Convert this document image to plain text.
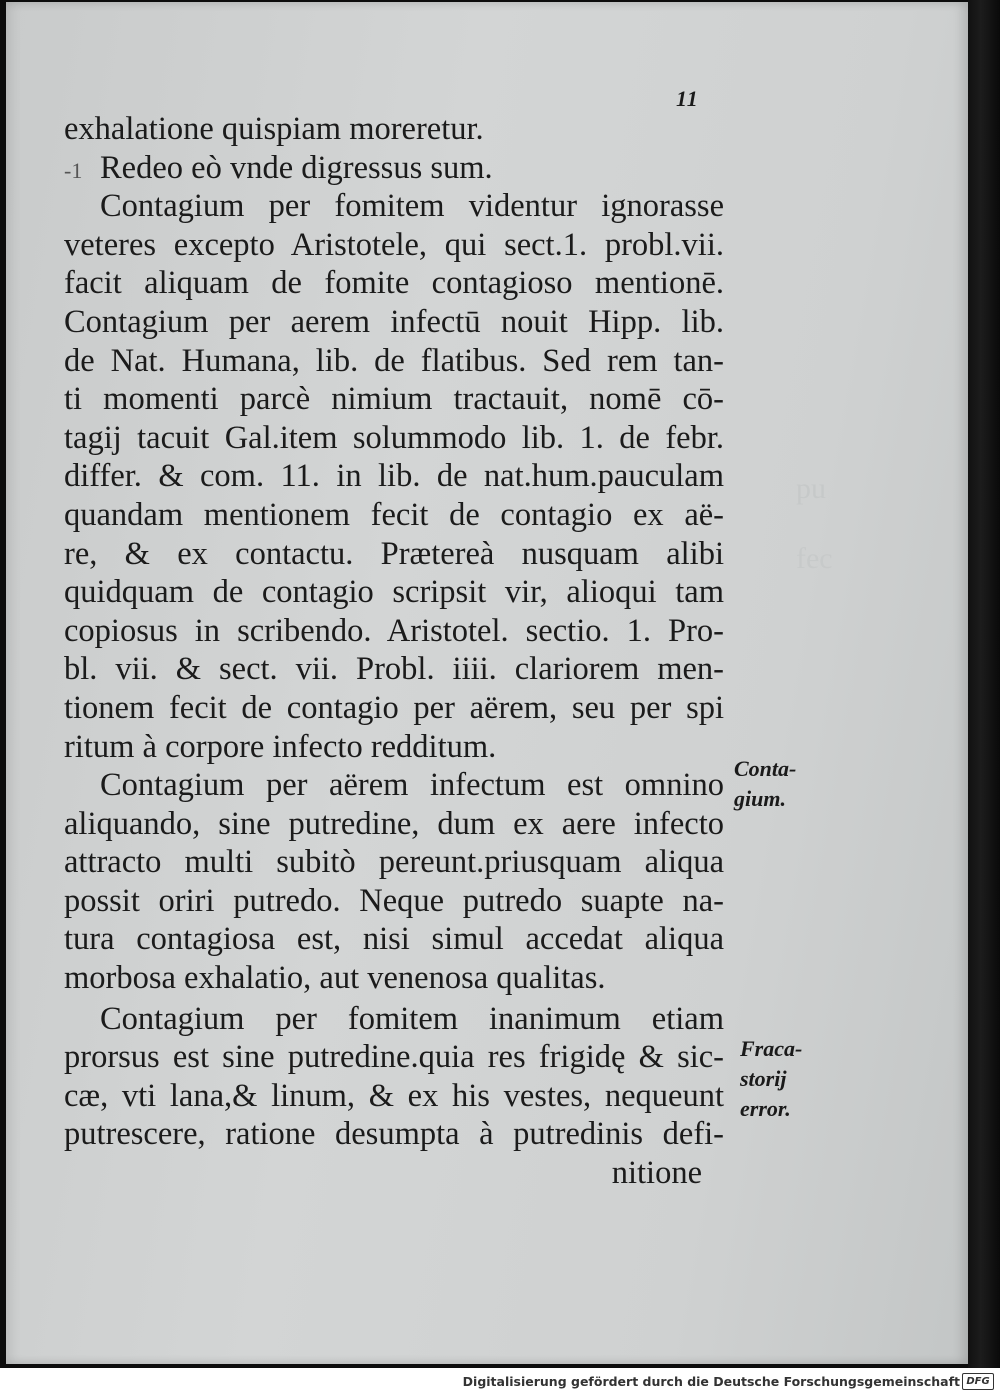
pu
fec
11
exhalatione quispiam moreretur.
-1 Redeo eò vnde digressus sum.
Contagium per fomitem videntur ignorasse
veteres excepto Aristotele, qui sect.1. probl.vii.
facit aliquam de fomite contagioso mentionē.
Contagium per aerem infectū nouit Hipp. lib.
de Nat. Humana, lib. de flatibus. Sed rem tan-
ti momenti parcè nimium tractauit, nomē cō-
tagij tacuit Gal.item solummodo lib. 1. de febr.
differ. & com. 11. in lib. de nat.hum.pauculam
quandam mentionem fecit de contagio ex aë-
re, & ex contactu. Prætereà nusquam alibi
quidquam de contagio scripsit vir, alioqui tam
copiosus in scribendo. Aristotel. sectio. 1. Pro-
bl. vii. & sect. vii. Probl. iiii. clariorem men-
tionem fecit de contagio per aërem, seu per spi
ritum à corpore infecto redditum.
Contagium per aërem infectum est omnino
aliquando, sine putredine, dum ex aere infecto
attracto multi subitò pereunt.priusquam aliqua
possit oriri putredo. Neque putredo suapte na-
tura contagiosa est, nisi simul accedat aliqua
morbosa exhalatio, aut venenosa qualitas.
Contagium per fomitem inanimum etiam
prorsus est sine putredine.quia res frigidę & sic-
cæ, vti lana,& linum, & ex his vestes, nequeunt
putrescere, ratione desumpta à putredinis defi-
nitione
Conta-
gium.
Fraca-
storij
error.
Digitalisierung gefördert durch die Deutsche Forschungsgemeinschaft DFG
